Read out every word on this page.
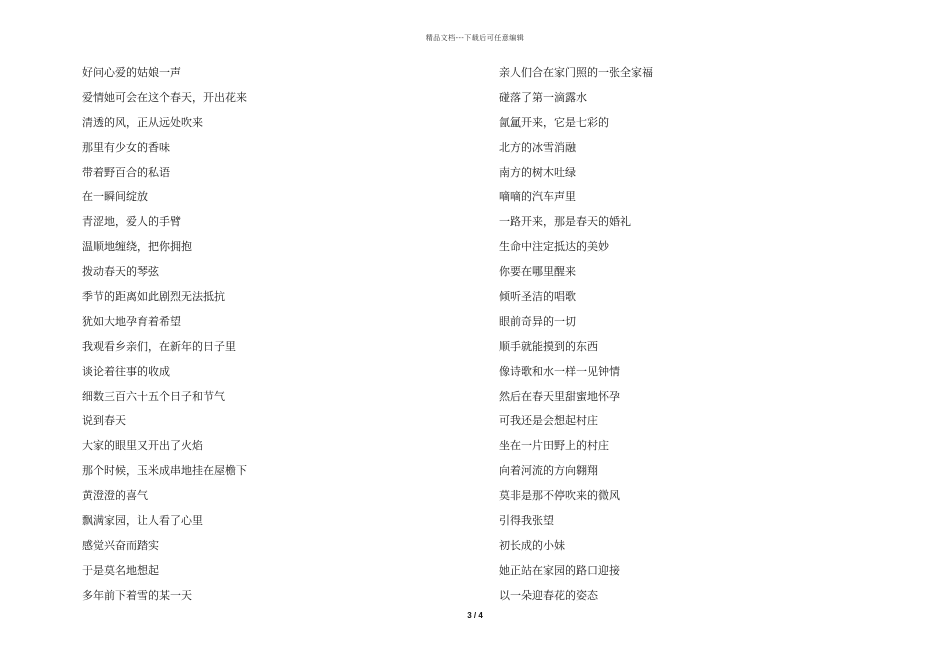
精品文档---下载后可任意编辑
好问心爱的姑娘一声
爱情她可会在这个春天，开出花来
清透的风，正从远处吹来
那里有少女的香味
带着野百合的私语
在一瞬间绽放
青涩地，爱人的手臂
温顺地缠绕，把你拥抱
拨动春天的琴弦
季节的距离如此剧烈无法抵抗
犹如大地孕育着希望
我观看乡亲们，在新年的日子里
谈论着往事的收成
细数三百六十五个日子和节气
说到春天
大家的眼里又开出了火焰
那个时候，玉米成串地挂在屋檐下
黄澄澄的喜气
飘满家园，让人看了心里
感觉兴奋而踏实
于是莫名地想起
多年前下着雪的某一天
亲人们合在家门照的一张全家福
碰落了第一滴露水
氤氲开来，它是七彩的
北方的冰雪消融
南方的树木吐绿
嘀嘀的汽车声里
一路开来，那是春天的婚礼
生命中注定抵达的美妙
你要在哪里醒来
倾听圣洁的唱歌
眼前奇异的一切
顺手就能摸到的东西
像诗歌和水一样一见钟情
然后在春天里甜蜜地怀孕
可我还是会想起村庄
坐在一片田野上的村庄
向着河流的方向翱翔
莫非是那不停吹来的微风
引得我张望
初长成的小妹
她正站在家园的路口迎接
以一朵迎春花的姿态
3 / 4
